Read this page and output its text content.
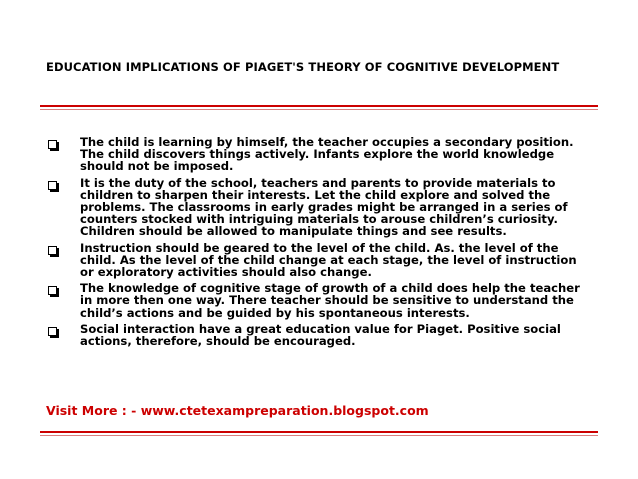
EDUCATION IMPLICATIONS OF PIAGET'S THEORY OF COGNITIVE DEVELOPMENT
The child is learning by himself, the teacher occupies a secondary position. The child discovers things actively. Infants explore the world knowledge should not be imposed.
It is the duty of the school, teachers and parents to provide materials to children to sharpen their interests. Let the child explore and solved the problems. The classrooms in early grades might be arranged in a series of counters stocked with intriguing materials to arouse children’s curiosity. Children should be allowed to manipulate things and see results.
Instruction should be geared to the level of the child. As. the level of the child. As the level of the child change at each stage, the level of instruction or exploratory activities should also change.
The knowledge of cognitive stage of growth of a child does help the teacher in more then one way. There teacher should be sensitive to understand the child’s actions and be guided by his spontaneous interests.
Social interaction have a great education value for Piaget. Positive social actions, therefore, should be encouraged.
Visit More : - www.ctetexampreparation.blogspot.com
